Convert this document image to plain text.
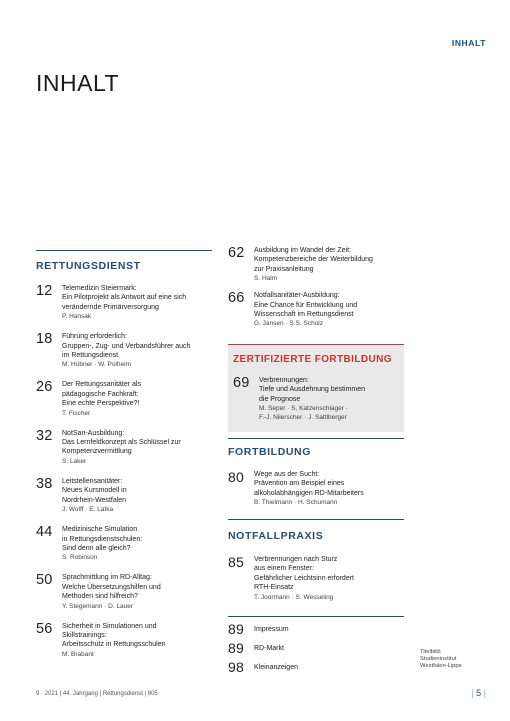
INHALT
INHALT
RETTUNGSDIENST
12 Telemedizin Steiermark:
Ein Pilotprojekt als Antwort auf eine sich
verändernde Primärversorgung
P. Hansak
18 Führung erforderlich:
Gruppen-, Zug- und Verbandsführer auch
im Rettungsdienst
M. Hübner · W. Polheim
26 Der Rettungssanitäter als
pädagogische Fachkraft:
Eine echte Perspektive?!
T. Fischer
32 NotSan-Ausbildung:
Das Lernfeldkonzept als Schlüssel zur
Kompetenzvermittlung
S. Laker
38 Leitstellensanitäter:
Neues Kursmodell in
Nordrhein-Westfalen
J. Wolff · E. Latka
44 Medizinische Simulation
in Rettungsdienstschulen:
Sind denn alle gleich?
S. Robinson
50 Sprachmittlung im RD-Alltag:
Welche Übersetzungshilfen und
Methoden sind hilfreich?
Y. Stegemann · D. Lauer
56 Sicherheit in Simulationen und
Skillstrainings:
Arbeitsschutz in Rettungsschulen
M. Brabant
62 Ausbildung im Wandel der Zeit:
Kompetenzbereiche der Weiterbildung
zur Praxisanleitung
S. Halm
66 Notfallsanitäter-Ausbildung:
Eine Chance für Entwicklung und
Wissenschaft im Rettungsdienst
G. Jansen · S.S. Scholz
ZERTIFIZIERTE FORTBILDUNG
69 Verbrennungen:
Tiefe und Ausdehnung bestimmen
die Prognose
M. Seper · S. Katzenschlager ·
F.-J. Niierscher · J. Sattlberger
FORTBILDUNG
80 Wege aus der Sucht:
Prävention am Beispiel eines
alkoholabhängigen RD-Mitarbeiters
B. Thielmann · H. Schumann
NOTFALLPRAXIS
85 Verbrennungen nach Sturz
aus einem Fenster:
Gefährlicher Leichtsinn erfordert
RTH-Einsatz
T. Joormann · S. Wesseling
89 Impressum
89 RD-Markt
98 Kleinanzeigen
Titelbild:
Studieninstitut
Westfalen-Lippe
9 · 2021 | 44. Jahrgang | Rettungsdienst | 805	| 5 |
